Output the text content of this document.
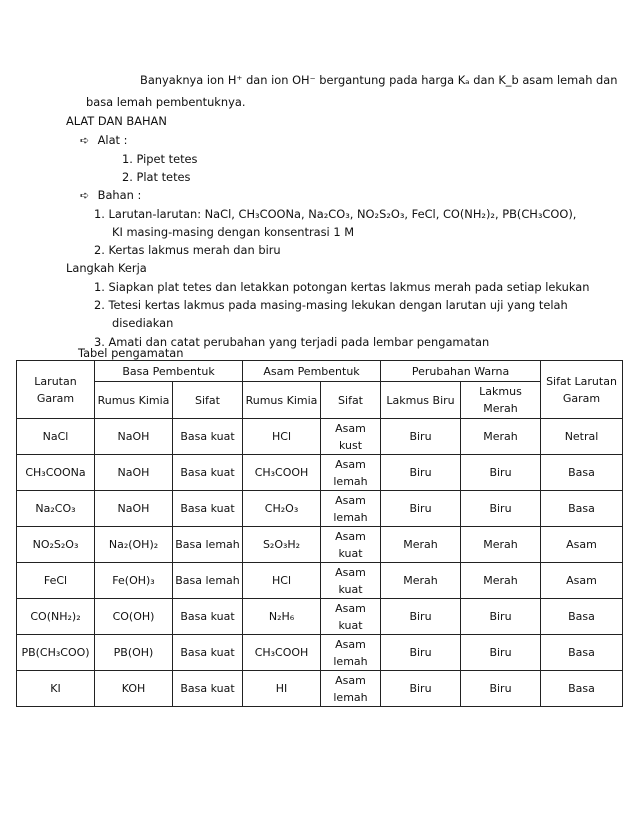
Banyaknya ion H⁺ dan ion OH⁻ bergantung pada harga Kₐ dan K_b asam lemah dan
basa lemah pembentuknya.
ALAT DAN BAHAN
➪ Alat :
1. Pipet tetes
2. Plat tetes
➪ Bahan :
1. Larutan-larutan: NaCl, CH₃COONa, Na₂CO₃, NO₂S₂O₃, FeCl, CO(NH₂)₂, PB(CH₃COO),
KI masing-masing dengan konsentrasi 1 M
2. Kertas lakmus merah dan biru
Langkah Kerja
1. Siapkan plat tetes dan letakkan potongan kertas lakmus merah pada setiap lekukan
2. Tetesi kertas lakmus pada masing-masing lekukan dengan larutan uji yang telah
disediakan
3. Amati dan catat perubahan yang terjadi pada lembar pengamatan
Tabel pengamatan
Larutan Garam	Basa Pembentuk		Asam Pembentuk		Perubahan Warna		Sifat Larutan Garam
	Rumus Kimia	Sifat	Rumus Kimia	Sifat	Lakmus Biru	Lakmus Merah	
NaCl	NaOH	Basa kuat	HCl	Asam kust	Biru	Merah	Netral
CH₃COONa	NaOH	Basa kuat	CH₃COOH	Asam lemah	Biru	Biru	Basa
Na₂CO₃	NaOH	Basa kuat	CH₂O₃	Asam lemah	Biru	Biru	Basa
NO₂S₂O₃	Na₂(OH)₂	Basa lemah	S₂O₃H₂	Asam kuat	Merah	Merah	Asam
FeCl	Fe(OH)₃	Basa lemah	HCl	Asam kuat	Merah	Merah	Asam
CO(NH₂)₂	CO(OH)	Basa kuat	N₂H₆	Asam kuat	Biru	Biru	Basa
PB(CH₃COO)	PB(OH)	Basa kuat	CH₃COOH	Asam lemah	Biru	Biru	Basa
KI	KOH	Basa kuat	HI	Asam lemah	Biru	Biru	Basa
